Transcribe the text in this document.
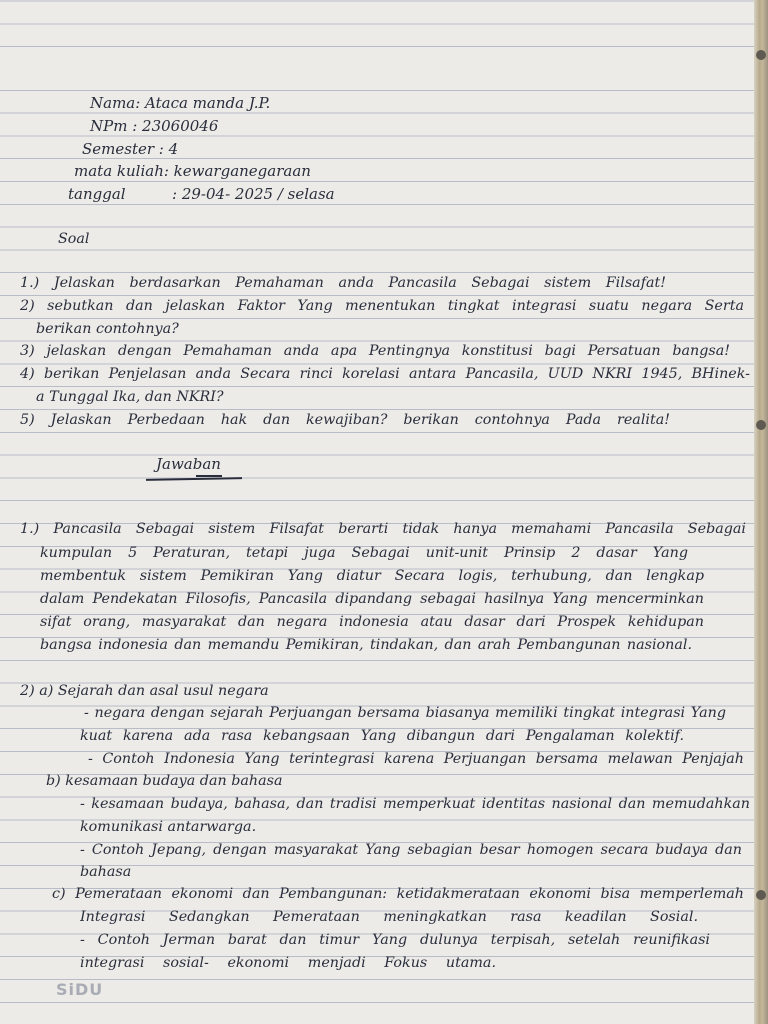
Nama: Ataca manda J.P.
NPm : 23060046
Semester : 4
mata kuliah: kewarganegaraan
tanggal	: 29-04- 2025 / selasa
Soal
1.) Jelaskan berdasarkan Pemahaman anda Pancasila Sebagai sistem Filsafat!
2) sebutkan dan jelaskan Faktor Yang menentukan tingkat integrasi suatu negara Serta
berikan contohnya?
3) jelaskan dengan Pemahaman anda apa Pentingnya konstitusi bagi Persatuan bangsa!
4) berikan Penjelasan anda Secara rinci korelasi antara Pancasila, UUD NKRI 1945, BHinek-
a Tunggal Ika, dan NKRI?
5) Jelaskan Perbedaan hak dan kewajiban? berikan contohnya Pada realita!
Jawaban
1.) Pancasila Sebagai sistem Filsafat berarti tidak hanya memahami Pancasila Sebagai
kumpulan 5 Peraturan, tetapi juga Sebagai unit-unit Prinsip 2 dasar Yang
membentuk sistem Pemikiran Yang diatur Secara logis, terhubung, dan lengkap
dalam Pendekatan Filosofis, Pancasila dipandang sebagai hasilnya Yang mencerminkan
sifat orang, masyarakat dan negara indonesia atau dasar dari Prospek kehidupan
bangsa indonesia dan memandu Pemikiran, tindakan, dan arah Pembangunan nasional.
2) a) Sejarah dan asal usul negara
- negara dengan sejarah Perjuangan bersama biasanya memiliki tingkat integrasi Yang
kuat karena ada rasa kebangsaan Yang dibangun dari Pengalaman kolektif.
- Contoh Indonesia Yang terintegrasi karena Perjuangan bersama melawan Penjajah
b) kesamaan budaya dan bahasa
- kesamaan budaya, bahasa, dan tradisi memperkuat identitas nasional dan memudahkan
komunikasi antarwarga.
- Contoh Jepang, dengan masyarakat Yang sebagian besar homogen secara budaya dan
bahasa
c) Pemerataan ekonomi dan Pembangunan: ketidakmerataan ekonomi bisa memperlemah
Integrasi Sedangkan Pemerataan meningkatkan rasa keadilan Sosial.
- Contoh Jerman barat dan timur Yang dulunya terpisah, setelah reunifikasi
integrasi sosial- ekonomi menjadi Fokus utama.
SiDU
